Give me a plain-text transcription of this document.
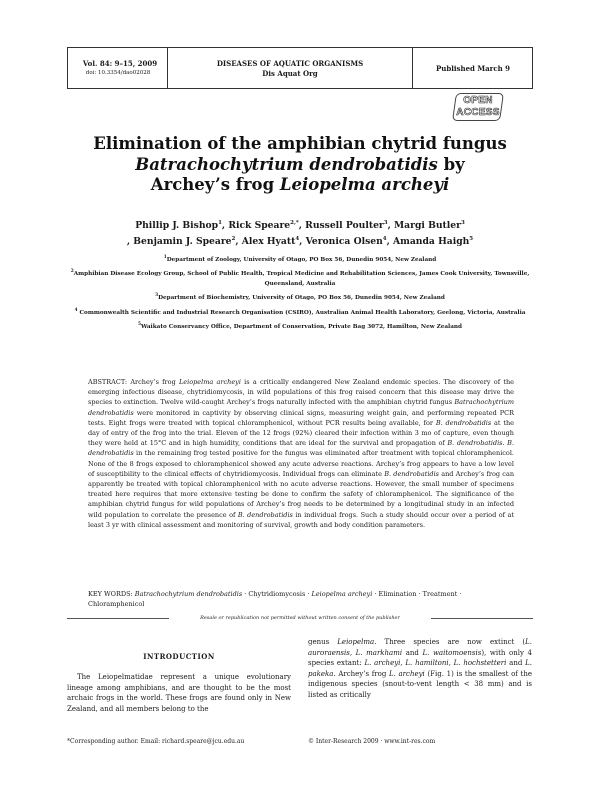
Vol. 84: 9–15, 2009
doi: 10.3354/dao02028
DISEASES OF AQUATIC ORGANISMS
Dis Aquat Org
Published March 9
OPEN
ACCESS
Elimination of the amphibian chytrid fungus
Batrachochytrium dendrobatidis by
Archey’s frog Leiopelma archeyi
Phillip J. Bishop$^1$, Rick Speare$^{2,*}$, Russell Poulter$^3$, Margi Butler$^3$
, Benjamin J. Speare$^2$, Alex Hyatt$^4$, Veronica Olsen$^4$, Amanda Haigh$^5$

$^1$Department of Zoology, University of Otago, PO Box 56, Dunedin 9054, New Zealand

$^2$Amphibian Disease Ecology Group, School of Public Health, Tropical Medicine and Rehabilitation Sciences, James Cook University, Townsville, Queensland, Australia

$^3$Department of Biochemistry, University of Otago, PO Box 56, Dunedin 9054, New Zealand

$^4$ Commonwealth Scientific and Industrial Research Organisation (CSIRO), Australian Animal Health Laboratory, Geelong, Victoria, Australia

$^5$Waikato Conservancy Office, Department of Conservation, Private Bag 3072, Hamilton, New Zealand

ABSTRACT: Archey’s frog Leiopelma archeyi is a critically endangered New Zealand endemic species. The discovery of the emerging infectious disease, chytridiomycosis, in wild populations of this frog raised concern that this disease may drive the species to extinction. Twelve wild-caught Archey’s frogs naturally infected with the amphibian chytrid fungus Batrachochytrium dendrobatidis were monitored in captivity by observing clinical signs, measuring weight gain, and performing repeated PCR tests. Eight frogs were treated with topical chloramphenicol, without PCR results being available, for B. dendrobatidis at the day of entry of the frog into the trial. Eleven of the 12 frogs (92%) cleared their infection within 3 mo of capture, even though they were held at 15°C and in high humidity, conditions that are ideal for the survival and propagation of B. dendrobatidis. B. dendrobatidis in the remaining frog tested positive for the fungus was eliminated after treatment with topical chloramphenicol. None of the 8 frogs exposed to chloramphenicol showed any acute adverse reactions. Archey’s frog appears to have a low level of susceptibility to the clinical effects of chytridiomycosis. Individual frogs can eliminate B. dendrobatidis and Archey’s frog can apparently be treated with topical chloramphenicol with no acute adverse reactions. However, the small number of specimens treated here requires that more extensive testing be done to confirm the safety of chloramphenicol. The significance of the amphibian chytrid fungus for wild populations of Archey’s frog needs to be determined by a longitudinal study in an infected wild population to correlate the presence of B. dendrobatidis in individual frogs. Such a study should occur over a period of at least 3 yr with clinical assessment and monitoring of survival, growth and body condition parameters.
KEY WORDS: Batrachochytrium dendrobatidis · Chytridiomycosis · Leiopelma archeyi · Elimination · Treatment · Chloramphenicol
Resale or republication not permitted without written consent of the publisher
INTRODUCTION
The Leiopelmatidae represent a unique evolutionary lineage among amphibians, and are thought to be the most archaic frogs in the world. These frogs are found only in New Zealand, and all members belong to the
genus Leiopelma. Three species are now extinct (L. auroraensis, L. markhami and L. waitomoensis), with only 4 species extant: L. archeyi, L. hamiltoni, L. hochstetteri and L. pakeka. Archey’s frog L. archeyi (Fig. 1) is the smallest of the indigenous species (snout-to-vent length < 38 mm) and is listed as critically
*Corresponding author. Email: richard.speare@jcu.edu.au	© Inter-Research 2009 · www.int-res.com
